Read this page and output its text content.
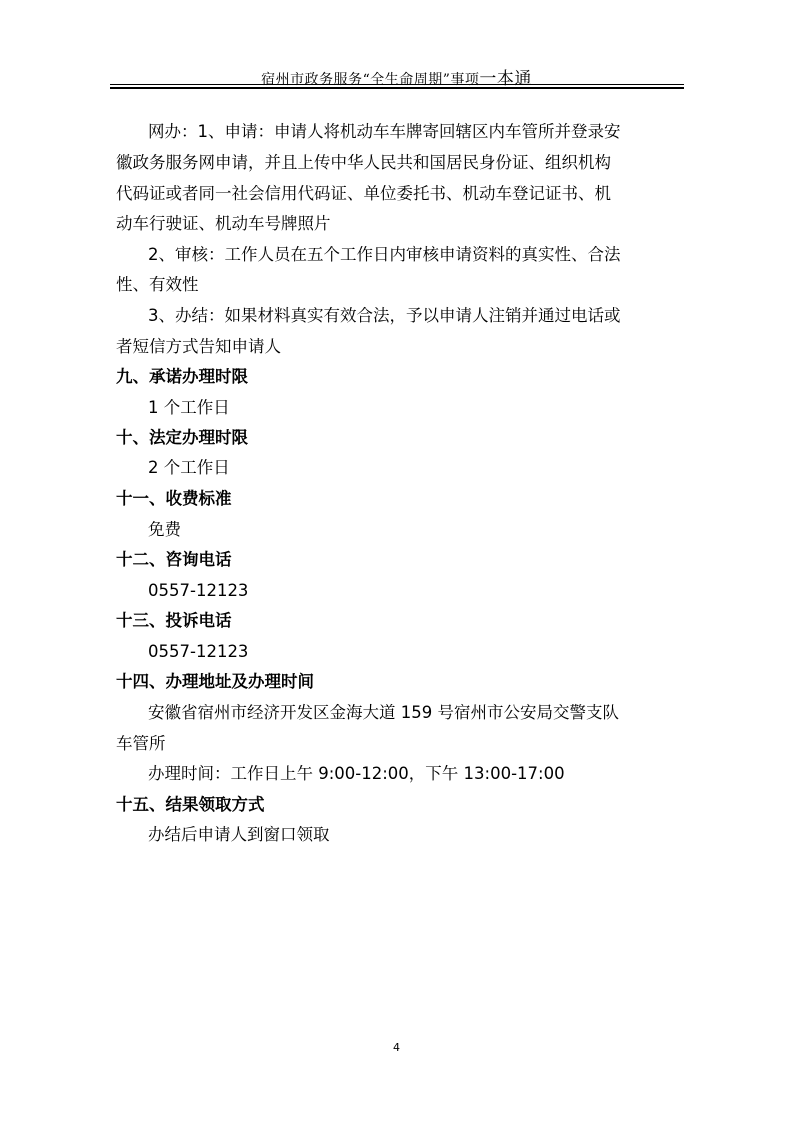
宿州市政务服务“全生命周期”事项一本通
网办：1、申请：申请人将机动车车牌寄回辖区内车管所并登录安
徽政务服务网申请，并且上传中华人民共和国居民身份证、组织机构
代码证或者同一社会信用代码证、单位委托书、机动车登记证书、机
动车行驶证、机动车号牌照片
2、审核：工作人员在五个工作日内审核申请资料的真实性、合法
性、有效性
3、办结：如果材料真实有效合法，予以申请人注销并通过电话或
者短信方式告知申请人
九、承诺办理时限
1 个工作日
十、法定办理时限
2 个工作日
十一、收费标准
免费
十二、咨询电话
0557-12123
十三、投诉电话
0557-12123
十四、办理地址及办理时间
安徽省宿州市经济开发区金海大道 159 号宿州市公安局交警支队
车管所
办理时间：工作日上午 9:00-12:00，下午 13:00-17:00
十五、结果领取方式
办结后申请人到窗口领取
4
